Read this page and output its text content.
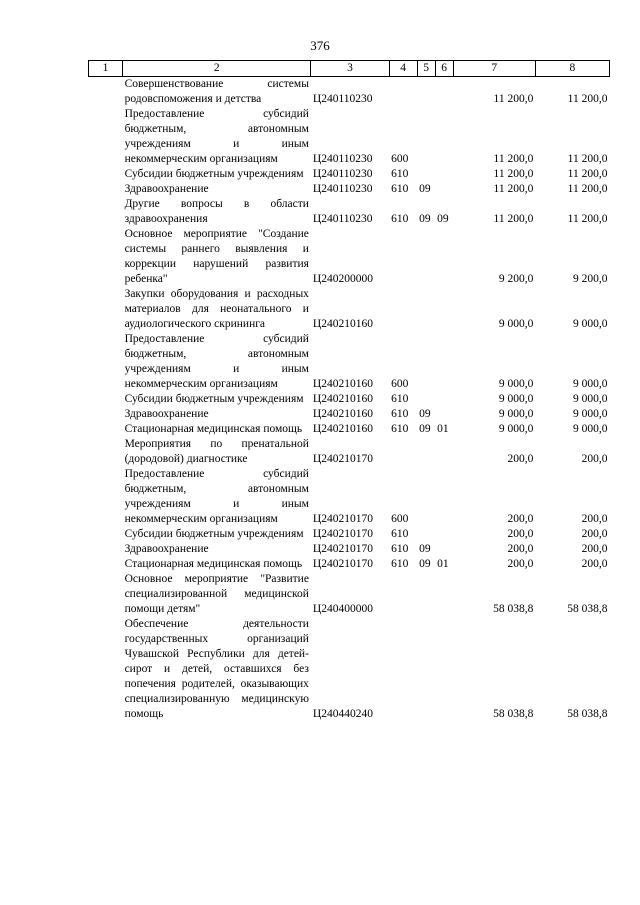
376
1	2	3	4	5	6	7	8
	Совершенствование системы родовспоможения и детства	Ц240110230				11 200,0	11 200,0
	Предоставление субсидий бюджетным, автономным учреждениям и иным некоммерческим организациям	Ц240110230	600			11 200,0	11 200,0
	Субсидии бюджетным учреждениям	Ц240110230	610			11 200,0	11 200,0
	Здравоохранение	Ц240110230	610	09		11 200,0	11 200,0
	Другие вопросы в области здравоохранения	Ц240110230	610	09	09	11 200,0	11 200,0
	Основное мероприятие "Создание системы раннего выявления и коррекции нарушений развития ребенка"	Ц240200000				9 200,0	9 200,0
	Закупки оборудования и расходных материалов для неонатального и аудиологического скрининга	Ц240210160				9 000,0	9 000,0
	Предоставление субсидий бюджетным, автономным учреждениям и иным некоммерческим организациям	Ц240210160	600			9 000,0	9 000,0
	Субсидии бюджетным учреждениям	Ц240210160	610			9 000,0	9 000,0
	Здравоохранение	Ц240210160	610	09		9 000,0	9 000,0
	Стационарная медицинская помощь	Ц240210160	610	09	01	9 000,0	9 000,0
	Мероприятия по пренатальной (дородовой) диагностике	Ц240210170				200,0	200,0
	Предоставление субсидий бюджетным, автономным учреждениям и иным некоммерческим организациям	Ц240210170	600			200,0	200,0
	Субсидии бюджетным учреждениям	Ц240210170	610			200,0	200,0
	Здравоохранение	Ц240210170	610	09		200,0	200,0
	Стационарная медицинская помощь	Ц240210170	610	09	01	200,0	200,0
	Основное мероприятие "Развитие специализированной медицинской помощи детям"	Ц240400000				58 038,8	58 038,8
	Обеспечение деятельности государственных организаций Чувашской Республики для детей-сирот и детей, оставшихся без попечения родителей, оказывающих специализированную медицинскую помощь	Ц240440240				58 038,8	58 038,8
